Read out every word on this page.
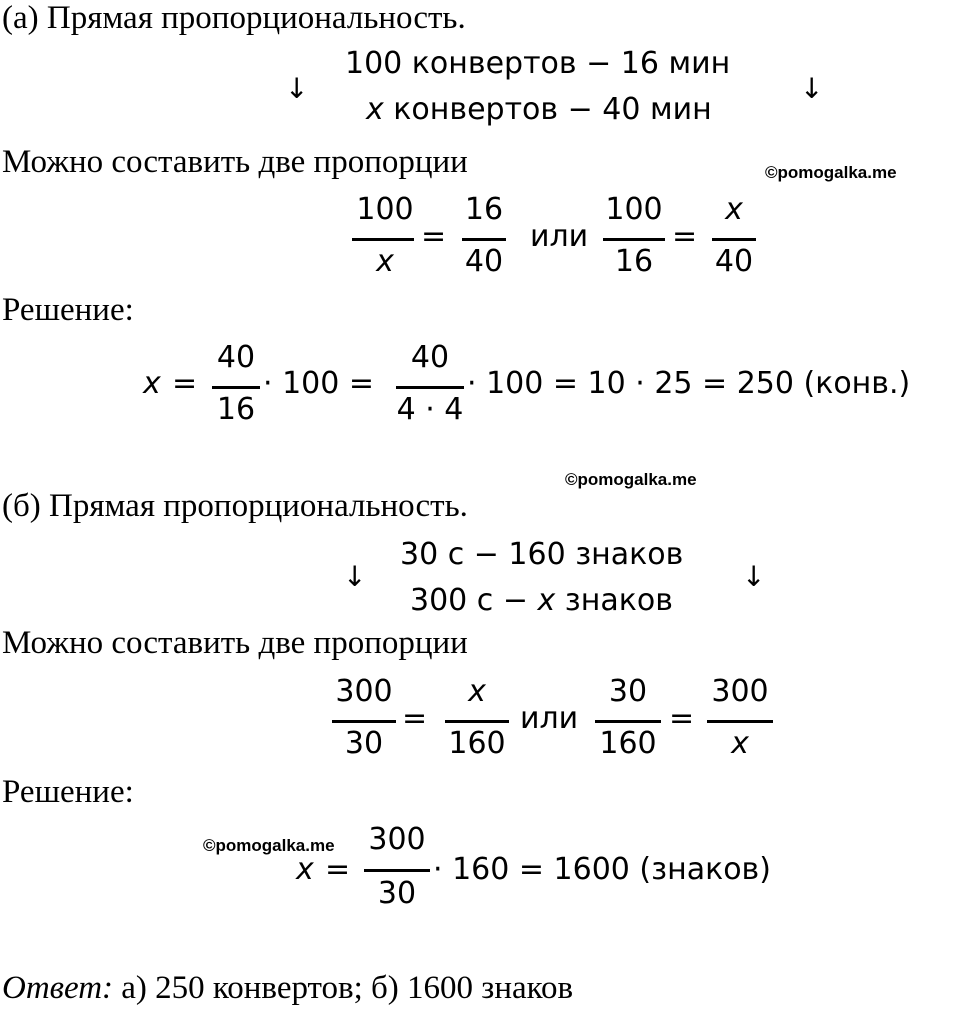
(а) Прямая пропорциональность.
↓
100 конвертов − 16 мин
x конвертов − 40 мин
↓
Можно составить две пропорции	©pomogalka.me
100
x
=
16
40
или
100
16
=
x
40
Решение:
x =
40
16
· 100 =
40
4 · 4
· 100 = 10 · 25 = 250 (конв.)
©pomogalka.me
(б) Прямая пропорциональность.
↓
30 с − 160 знаков
300 с − x знаков
↓
Можно составить две пропорции
300
30
=
x
160
или
30
160
=
300
x
Решение:
©pomogalka.me
x =
300
30
· 160 = 1600 (знаков)
Ответ: а) 250 конвертов; б) 1600 знаков
